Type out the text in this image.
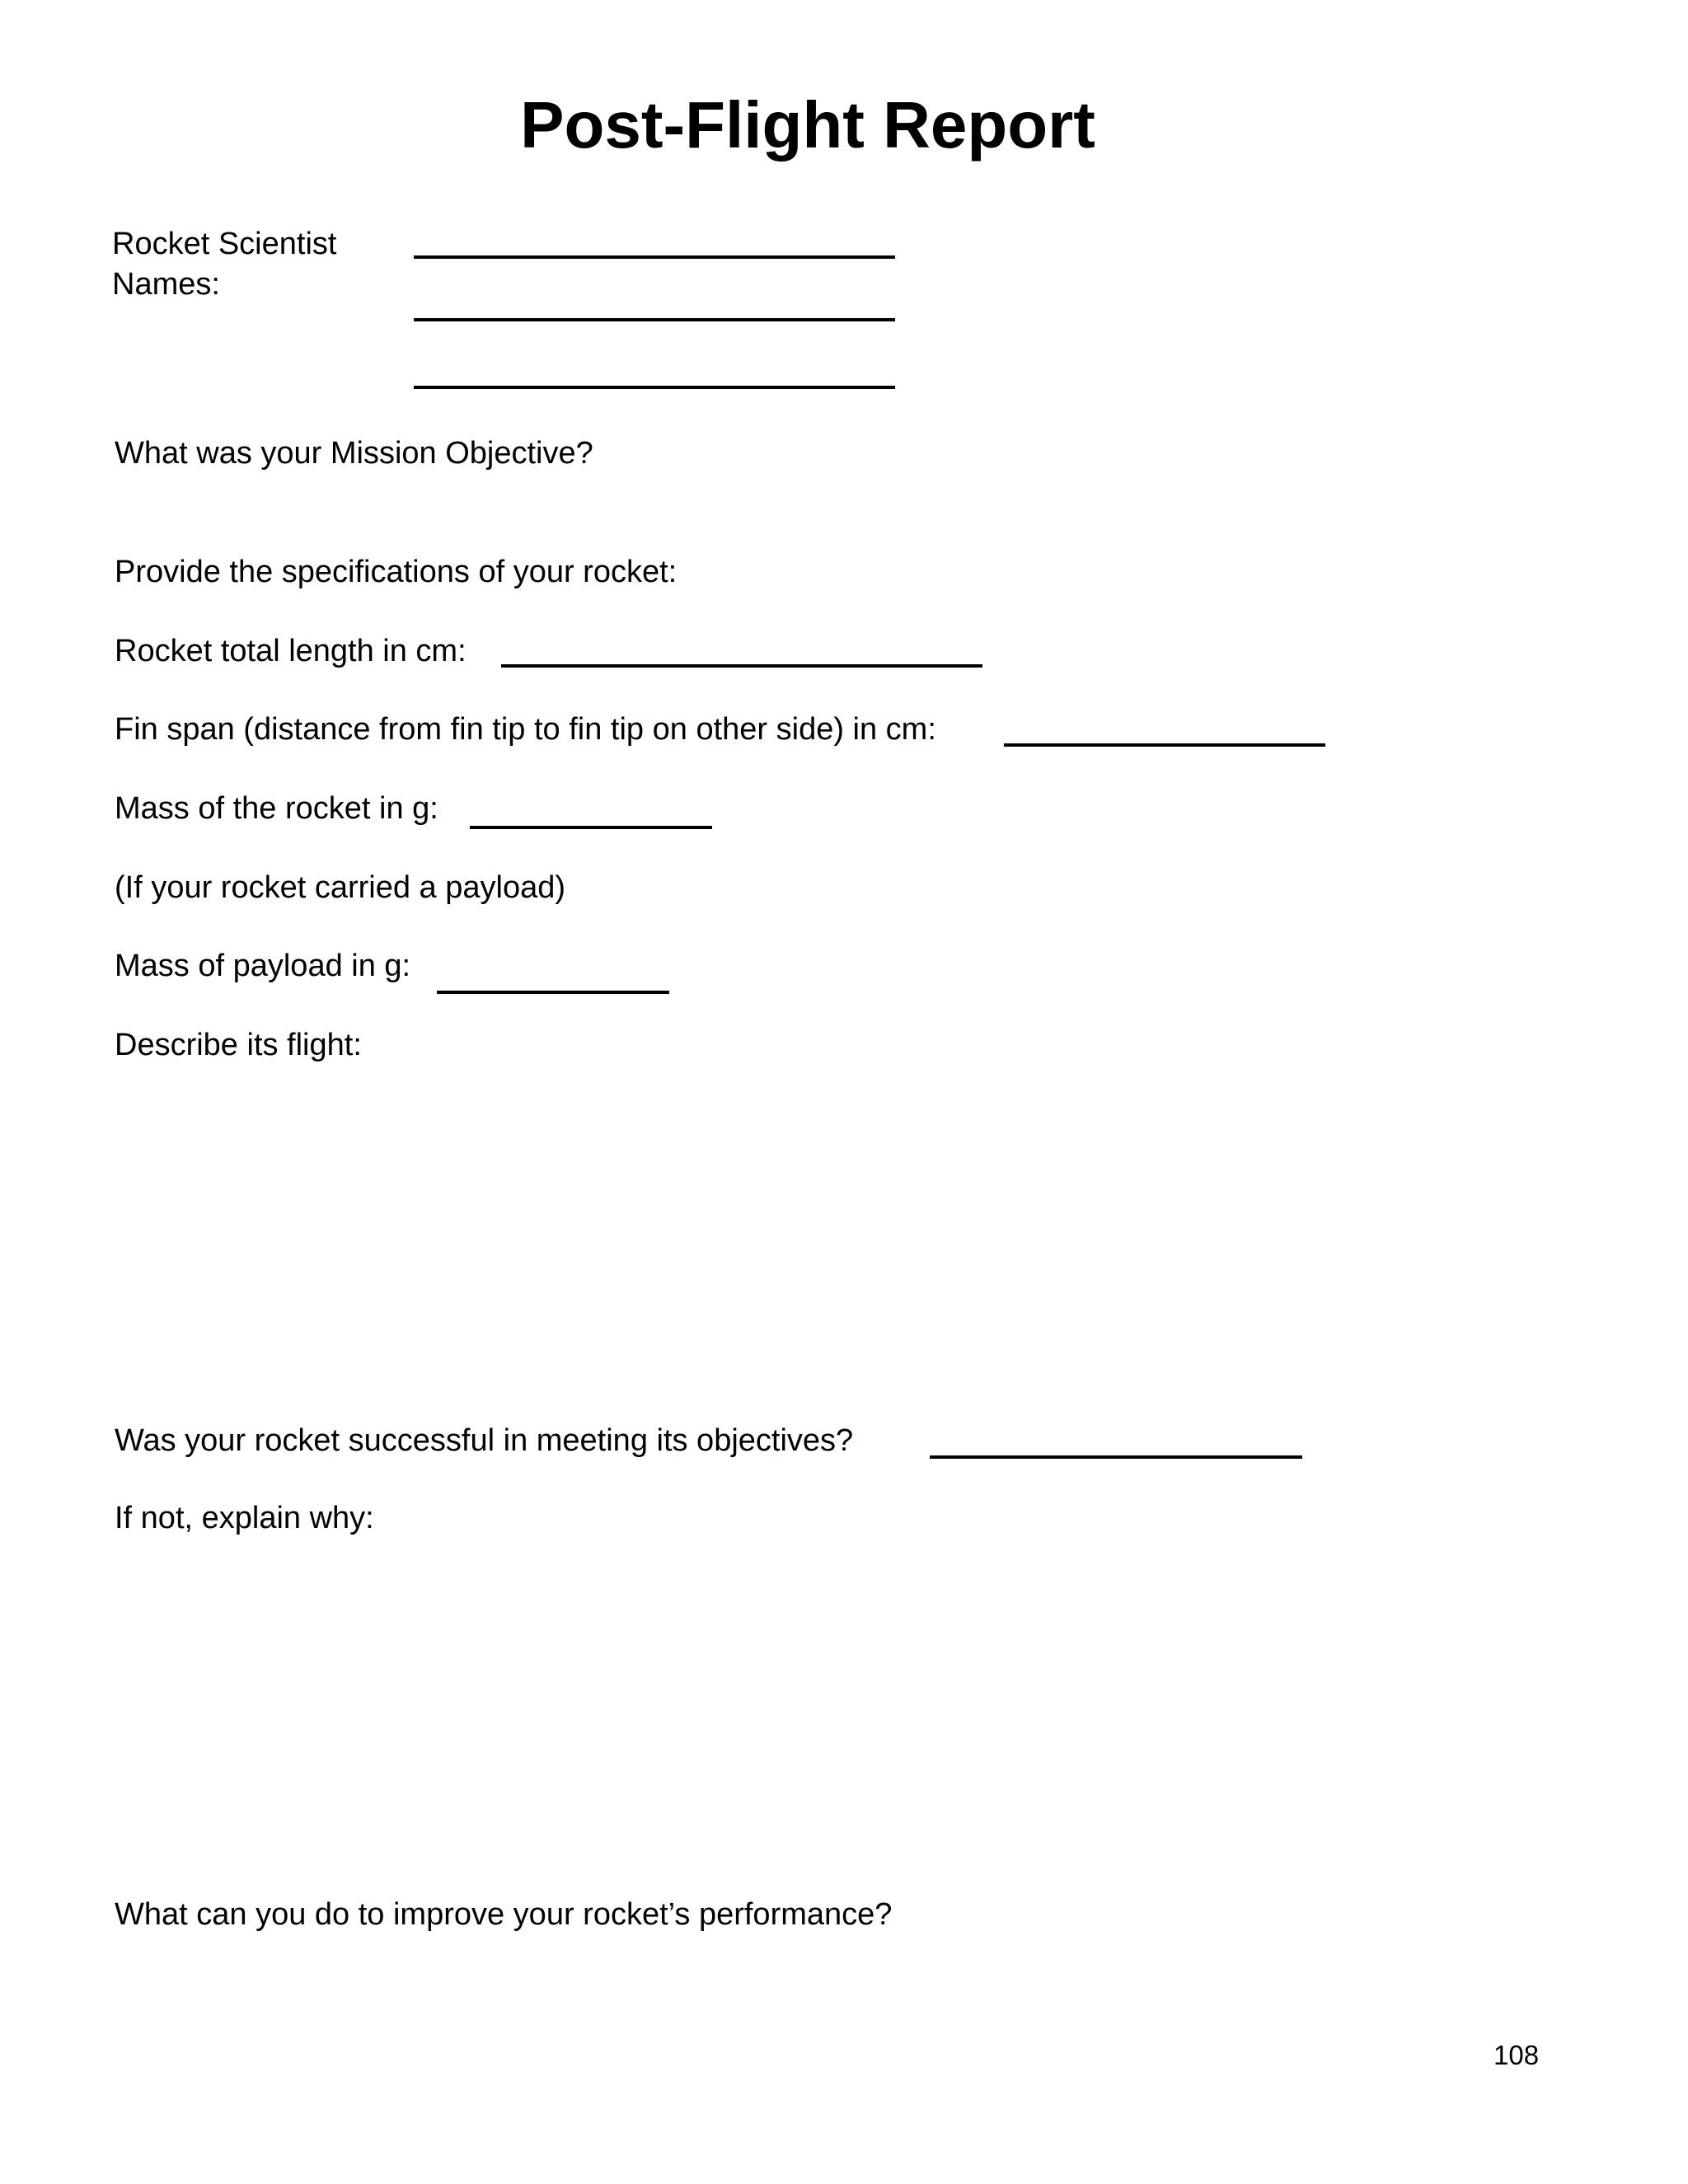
Post-Flight Report
Rocket Scientist
Names:
What was your Mission Objective?
Provide the specifications of your rocket:
Rocket total length in cm:
Fin span (distance from fin tip to fin tip on other side) in cm:
Mass of the rocket in g:
(If your rocket carried a payload)
Mass of payload in g:
Describe its flight:
Was your rocket successful in meeting its objectives?
If not, explain why:
What can you do to improve your rocket’s performance?
108
